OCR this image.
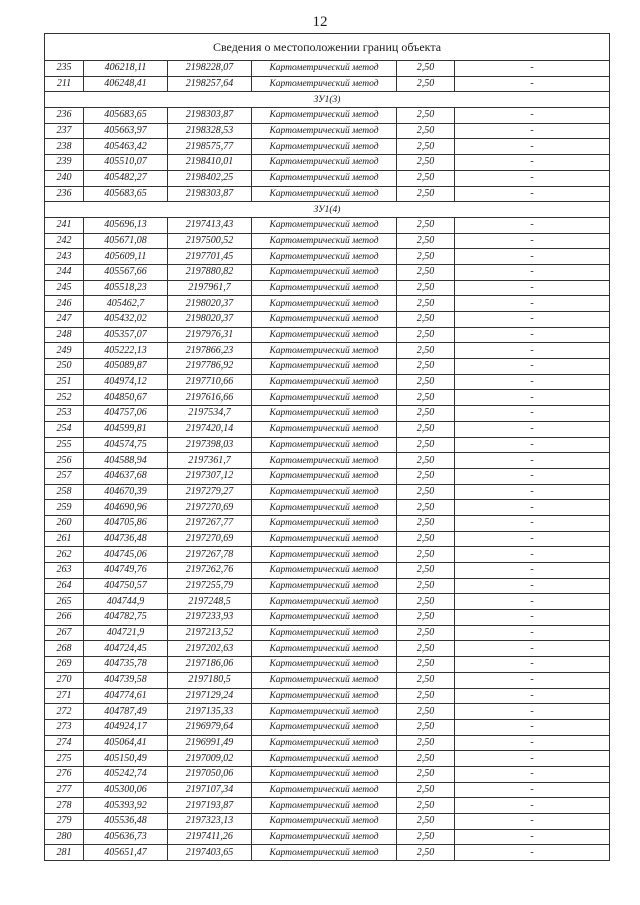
12
Сведения о местоположении границ объекта					
235	406218,11	2198228,07	Картометрический метод	2,50	-
211	406248,41	2198257,64	Картометрический метод	2,50	-
ЗУ1(3)					
236	405683,65	2198303,87	Картометрический метод	2,50	-
237	405663,97	2198328,53	Картометрический метод	2,50	-
238	405463,42	2198575,77	Картометрический метод	2,50	-
239	405510,07	2198410,01	Картометрический метод	2,50	-
240	405482,27	2198402,25	Картометрический метод	2,50	-
236	405683,65	2198303,87	Картометрический метод	2,50	-
ЗУ1(4)					
241	405696,13	2197413,43	Картометрический метод	2,50	-
242	405671,08	2197500,52	Картометрический метод	2,50	-
243	405609,11	2197701,45	Картометрический метод	2,50	-
244	405567,66	2197880,82	Картометрический метод	2,50	-
245	405518,23	2197961,7	Картометрический метод	2,50	-
246	405462,7	2198020,37	Картометрический метод	2,50	-
247	405432,02	2198020,37	Картометрический метод	2,50	-
248	405357,07	2197976,31	Картометрический метод	2,50	-
249	405222,13	2197866,23	Картометрический метод	2,50	-
250	405089,87	2197786,92	Картометрический метод	2,50	-
251	404974,12	2197710,66	Картометрический метод	2,50	-
252	404850,67	2197616,66	Картометрический метод	2,50	-
253	404757,06	2197534,7	Картометрический метод	2,50	-
254	404599,81	2197420,14	Картометрический метод	2,50	-
255	404574,75	2197398,03	Картометрический метод	2,50	-
256	404588,94	2197361,7	Картометрический метод	2,50	-
257	404637,68	2197307,12	Картометрический метод	2,50	-
258	404670,39	2197279,27	Картометрический метод	2,50	-
259	404690,96	2197270,69	Картометрический метод	2,50	-
260	404705,86	2197267,77	Картометрический метод	2,50	-
261	404736,48	2197270,69	Картометрический метод	2,50	-
262	404745,06	2197267,78	Картометрический метод	2,50	-
263	404749,76	2197262,76	Картометрический метод	2,50	-
264	404750,57	2197255,79	Картометрический метод	2,50	-
265	404744,9	2197248,5	Картометрический метод	2,50	-
266	404782,75	2197233,93	Картометрический метод	2,50	-
267	404721,9	2197213,52	Картометрический метод	2,50	-
268	404724,45	2197202,63	Картометрический метод	2,50	-
269	404735,78	2197186,06	Картометрический метод	2,50	-
270	404739,58	2197180,5	Картометрический метод	2,50	-
271	404774,61	2197129,24	Картометрический метод	2,50	-
272	404787,49	2197135,33	Картометрический метод	2,50	-
273	404924,17	2196979,64	Картометрический метод	2,50	-
274	405064,41	2196991,49	Картометрический метод	2,50	-
275	405150,49	2197009,02	Картометрический метод	2,50	-
276	405242,74	2197050,06	Картометрический метод	2,50	-
277	405300,06	2197107,34	Картометрический метод	2,50	-
278	405393,92	2197193,87	Картометрический метод	2,50	-
279	405536,48	2197323,13	Картометрический метод	2,50	-
280	405636,73	2197411,26	Картометрический метод	2,50	-
281	405651,47	2197403,65	Картометрический метод	2,50	-
